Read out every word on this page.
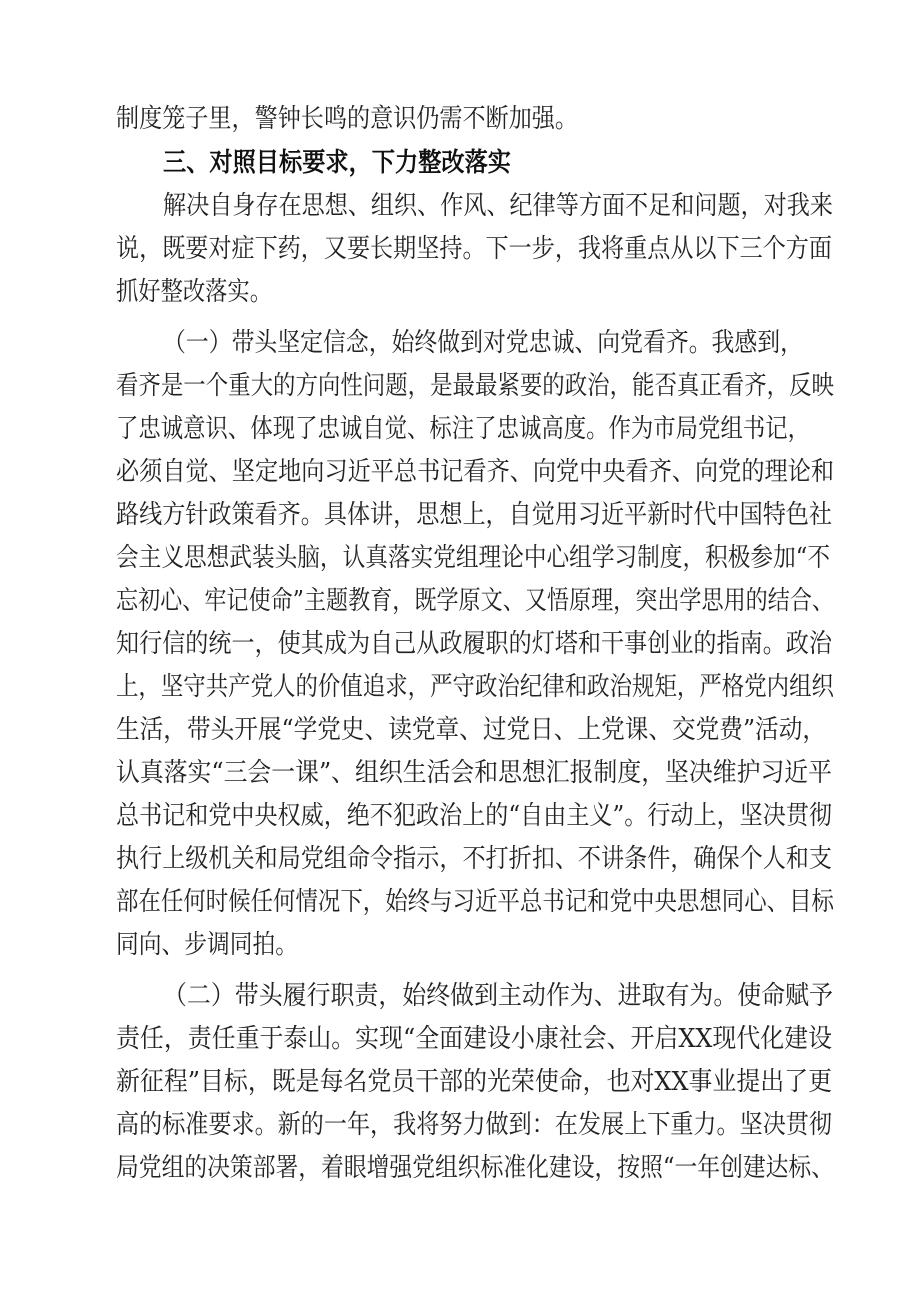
制度笼子里，警钟长鸣的意识仍需不断加强。
三、对照目标要求，下力整改落实
解决自身存在思想、组织、作风、纪律等方面不足和问题，对我来
说，既要对症下药，又要长期坚持。下一步，我将重点从以下三个方面
抓好整改落实。
（一）带头坚定信念，始终做到对党忠诚、向党看齐。我感到，
看齐是一个重大的方向性问题，是最最紧要的政治，能否真正看齐，反映
了忠诚意识、体现了忠诚自觉、标注了忠诚高度。作为市局党组书记，
必须自觉、坚定地向习近平总书记看齐、向党中央看齐、向党的理论和
路线方针政策看齐。具体讲，思想上，自觉用习近平新时代中国特色社
会主义思想武装头脑，认真落实党组理论中心组学习制度，积极参加“不
忘初心、牢记使命”主题教育，既学原文、又悟原理，突出学思用的结合、
知行信的统一，使其成为自己从政履职的灯塔和干事创业的指南。政治
上，坚守共产党人的价值追求，严守政治纪律和政治规矩，严格党内组织
生活，带头开展“学党史、读党章、过党日、上党课、交党费”活动，
认真落实“三会一课”、组织生活会和思想汇报制度，坚决维护习近平
总书记和党中央权威，绝不犯政治上的“自由主义”。行动上，坚决贯彻
执行上级机关和局党组命令指示，不打折扣、不讲条件，确保个人和支
部在任何时候任何情况下，始终与习近平总书记和党中央思想同心、目标
同向、步调同拍。
（二）带头履行职责，始终做到主动作为、进取有为。使命赋予
责任，责任重于泰山。实现“全面建设小康社会、开启XX现代化建设
新征程”目标，既是每名党员干部的光荣使命，也对XX事业提出了更
高的标准要求。新的一年，我将努力做到：在发展上下重力。坚决贯彻
局党组的决策部署，着眼增强党组织标准化建设，按照“一年创建达标、
